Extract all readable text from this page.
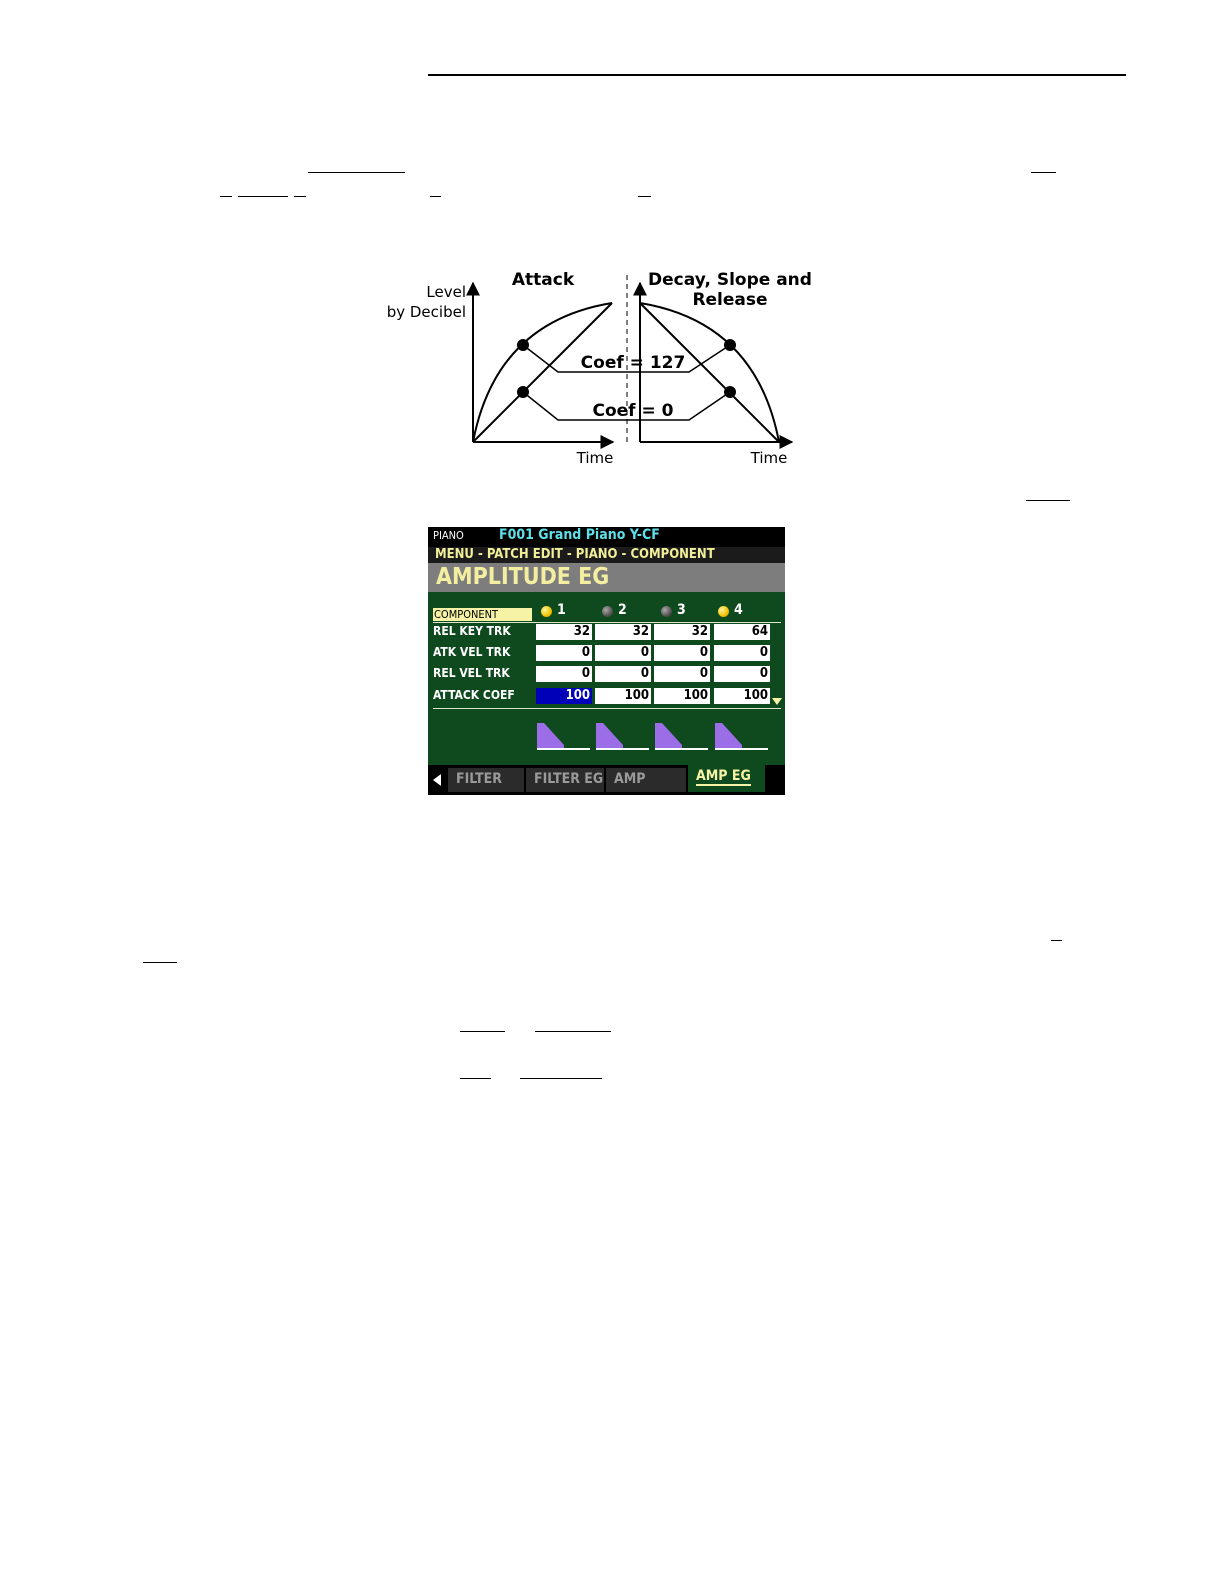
Level
by Decibel
Attack	Decay, Slope and
Release
Coef = 127
Coef = 0
Time	Time
PIANO	F001 Grand Piano Y-CF
MENU - PATCH EDIT - PIANO - COMPONENT
AMPLITUDE EG
COMPONENT	1	2	3	4
REL KEY TRK	32	32	32	64
ATK VEL TRK	0	0	0	0
REL VEL TRK	0	0	0	0
ATTACK COEF	100	100	100	100
FILTER	FILTER EG AMP	AMP EG
